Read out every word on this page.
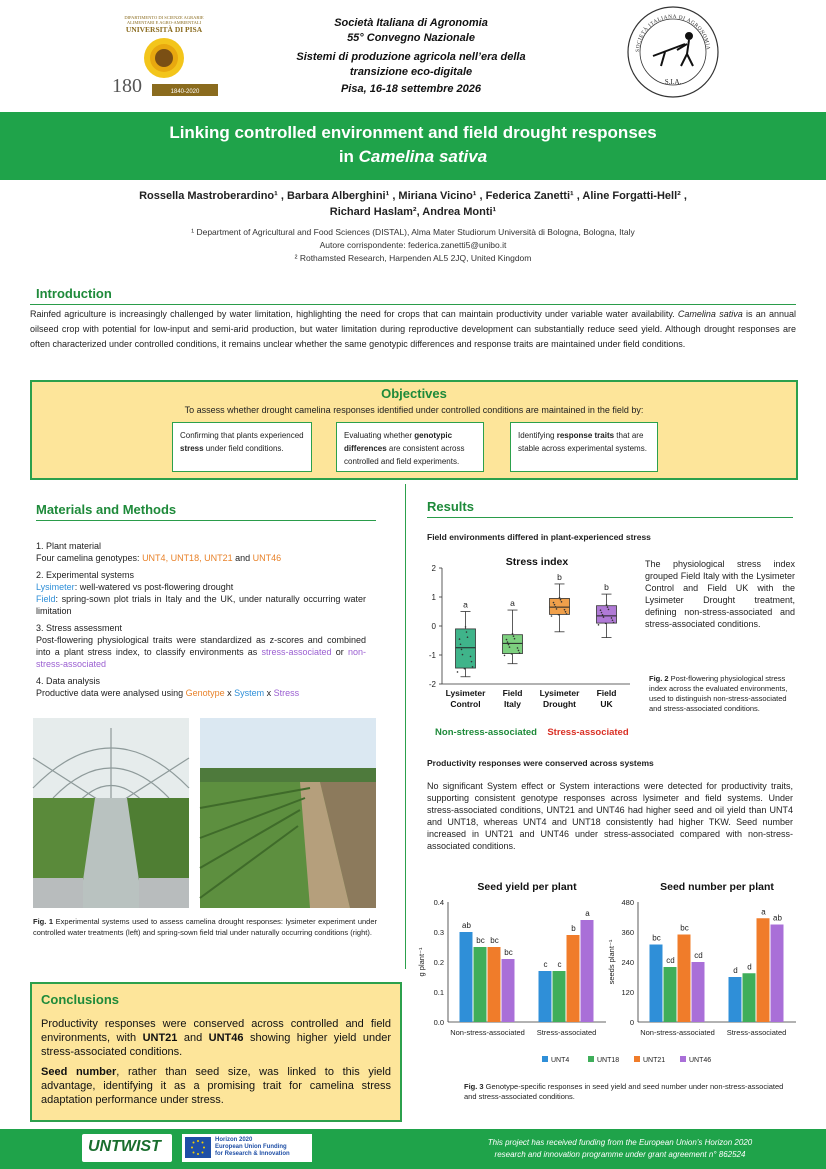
DIPARTIMENTO DI SCIENZE AGRARIE
ALIMENTARI E AGRO-AMBIENTALI
UNIVERSITÀ DI PISA
180	1840-2020
Società Italiana di Agronomia
55° Convegno Nazionale
Sistemi di produzione agricola nell’era della
transizione eco-digitale
Pisa, 16-18 settembre 2026
SOCIETÀ ITALIANA DI AGRONOMIA
S.I.A.
Linking controlled environment and field drought responses
in Camelina sativa
Rossella Mastroberardino¹ , Barbara Alberghini¹ , Miriana Vicino¹ , Federica Zanetti¹ , Aline Forgatti-Hell² ,
Richard Haslam², Andrea Monti¹
¹ Department of Agricultural and Food Sciences (DISTAL), Alma Mater Studiorum Università di Bologna, Bologna, Italy
Autore corrispondente: federica.zanetti5@unibo.it
² Rothamsted Research, Harpenden AL5 2JQ, United Kingdom
Introduction

Rainfed agriculture is increasingly challenged by water limitation, highlighting the need for crops that can maintain productivity under variable water availability. Camelina sativa is an annual oilseed crop with potential for low-input and semi-arid production, but water limitation during reproductive development can substantially reduce seed yield. Although drought responses are often characterized under controlled conditions, it remains unclear whether the same genotypic differences and response traits are maintained under field conditions.

Objectives
To assess whether drought camelina responses identified under controlled conditions are maintained in the field by:
Confirming that plants experienced stress under field conditions.
Evaluating whether genotypic differences are consistent across controlled and field experiments.
Identifying response traits that are stable across experimental systems.
Materials and Methods
1. Plant material
Four camelina genotypes: UNT4, UNT18, UNT21 and UNT46
2. Experimental systems
Lysimeter: well-watered vs post-flowering drought
Field: spring-sown plot trials in Italy and the UK, under naturally occurring water limitation
3. Stress assessment
Post-flowering physiological traits were standardized as z-scores and combined into a plant stress index, to classify environments as stress-associated or non-stress-associated
4. Data analysis
Productive data were analysed using Genotype x System x Stress
Fig. 1 Experimental systems used to assess camelina drought responses: lysimeter experiment under controlled water treatments (left) and spring-sown field trial under naturally occurring conditions (right).
Conclusions

Productivity responses were conserved across controlled and field environments, with UNT21 and UNT46 showing higher yield under stress-associated conditions.

Seed number, rather than seed size, was linked to this yield advantage, identifying it as a promising trait for camelina stress adaptation performance under stress.

Results
Field environments differed in plant-experienced stress
Stress index
-2
-1
0
1
2
a
Lysimeter
Control
a
Field
Italy
b
Lysimeter
Drought
b
Field
UK
Non-stress-associated Stress-associated
The physiological stress index grouped Field Italy with the Lysimeter Control and Field UK with the Lysimeter Drought treatment, defining non-stress-associated and stress-associated conditions.
Fig. 2 Post-flowering physiological stress index across the evaluated environments, used to distinguish non-stress-associated and stress-associated conditions.
Productivity responses were conserved across systems
No significant System effect or System interactions were detected for productivity traits, supporting consistent genotype responses across lysimeter and field systems. Under stress-associated conditions, UNT21 and UNT46 had higher seed and oil yield than UNT4 and UNT18, whereas UNT4 and UNT18 consistently had higher TKW. Seed number increased in UNT21 and UNT46 under stress-associated compared with non-stress-associated conditions.
Seed yield per plant
0.0
0.1
0.2
0.3
0.4
g plant⁻¹
ab
bc bc
bc
Non-stress-associated
c c
b
a
Stress-associated
Seed number per plant
0
120
240
360
480
seeds plant⁻¹
bc
cd
bc
cd
Non-stress-associated
d d
a
ab
Stress-associated
UNT4	UNT18	UNT21	UNT46
Fig. 3 Genotype-specific responses in seed yield and seed number under non-stress-associated and stress-associated conditions.
UNTWIST	Horizon 2020
European Union Funding
for Research & Innovation
This project has received funding from the European Union’s Horizon 2020
research and innovation programme under grant agreement n° 862524
